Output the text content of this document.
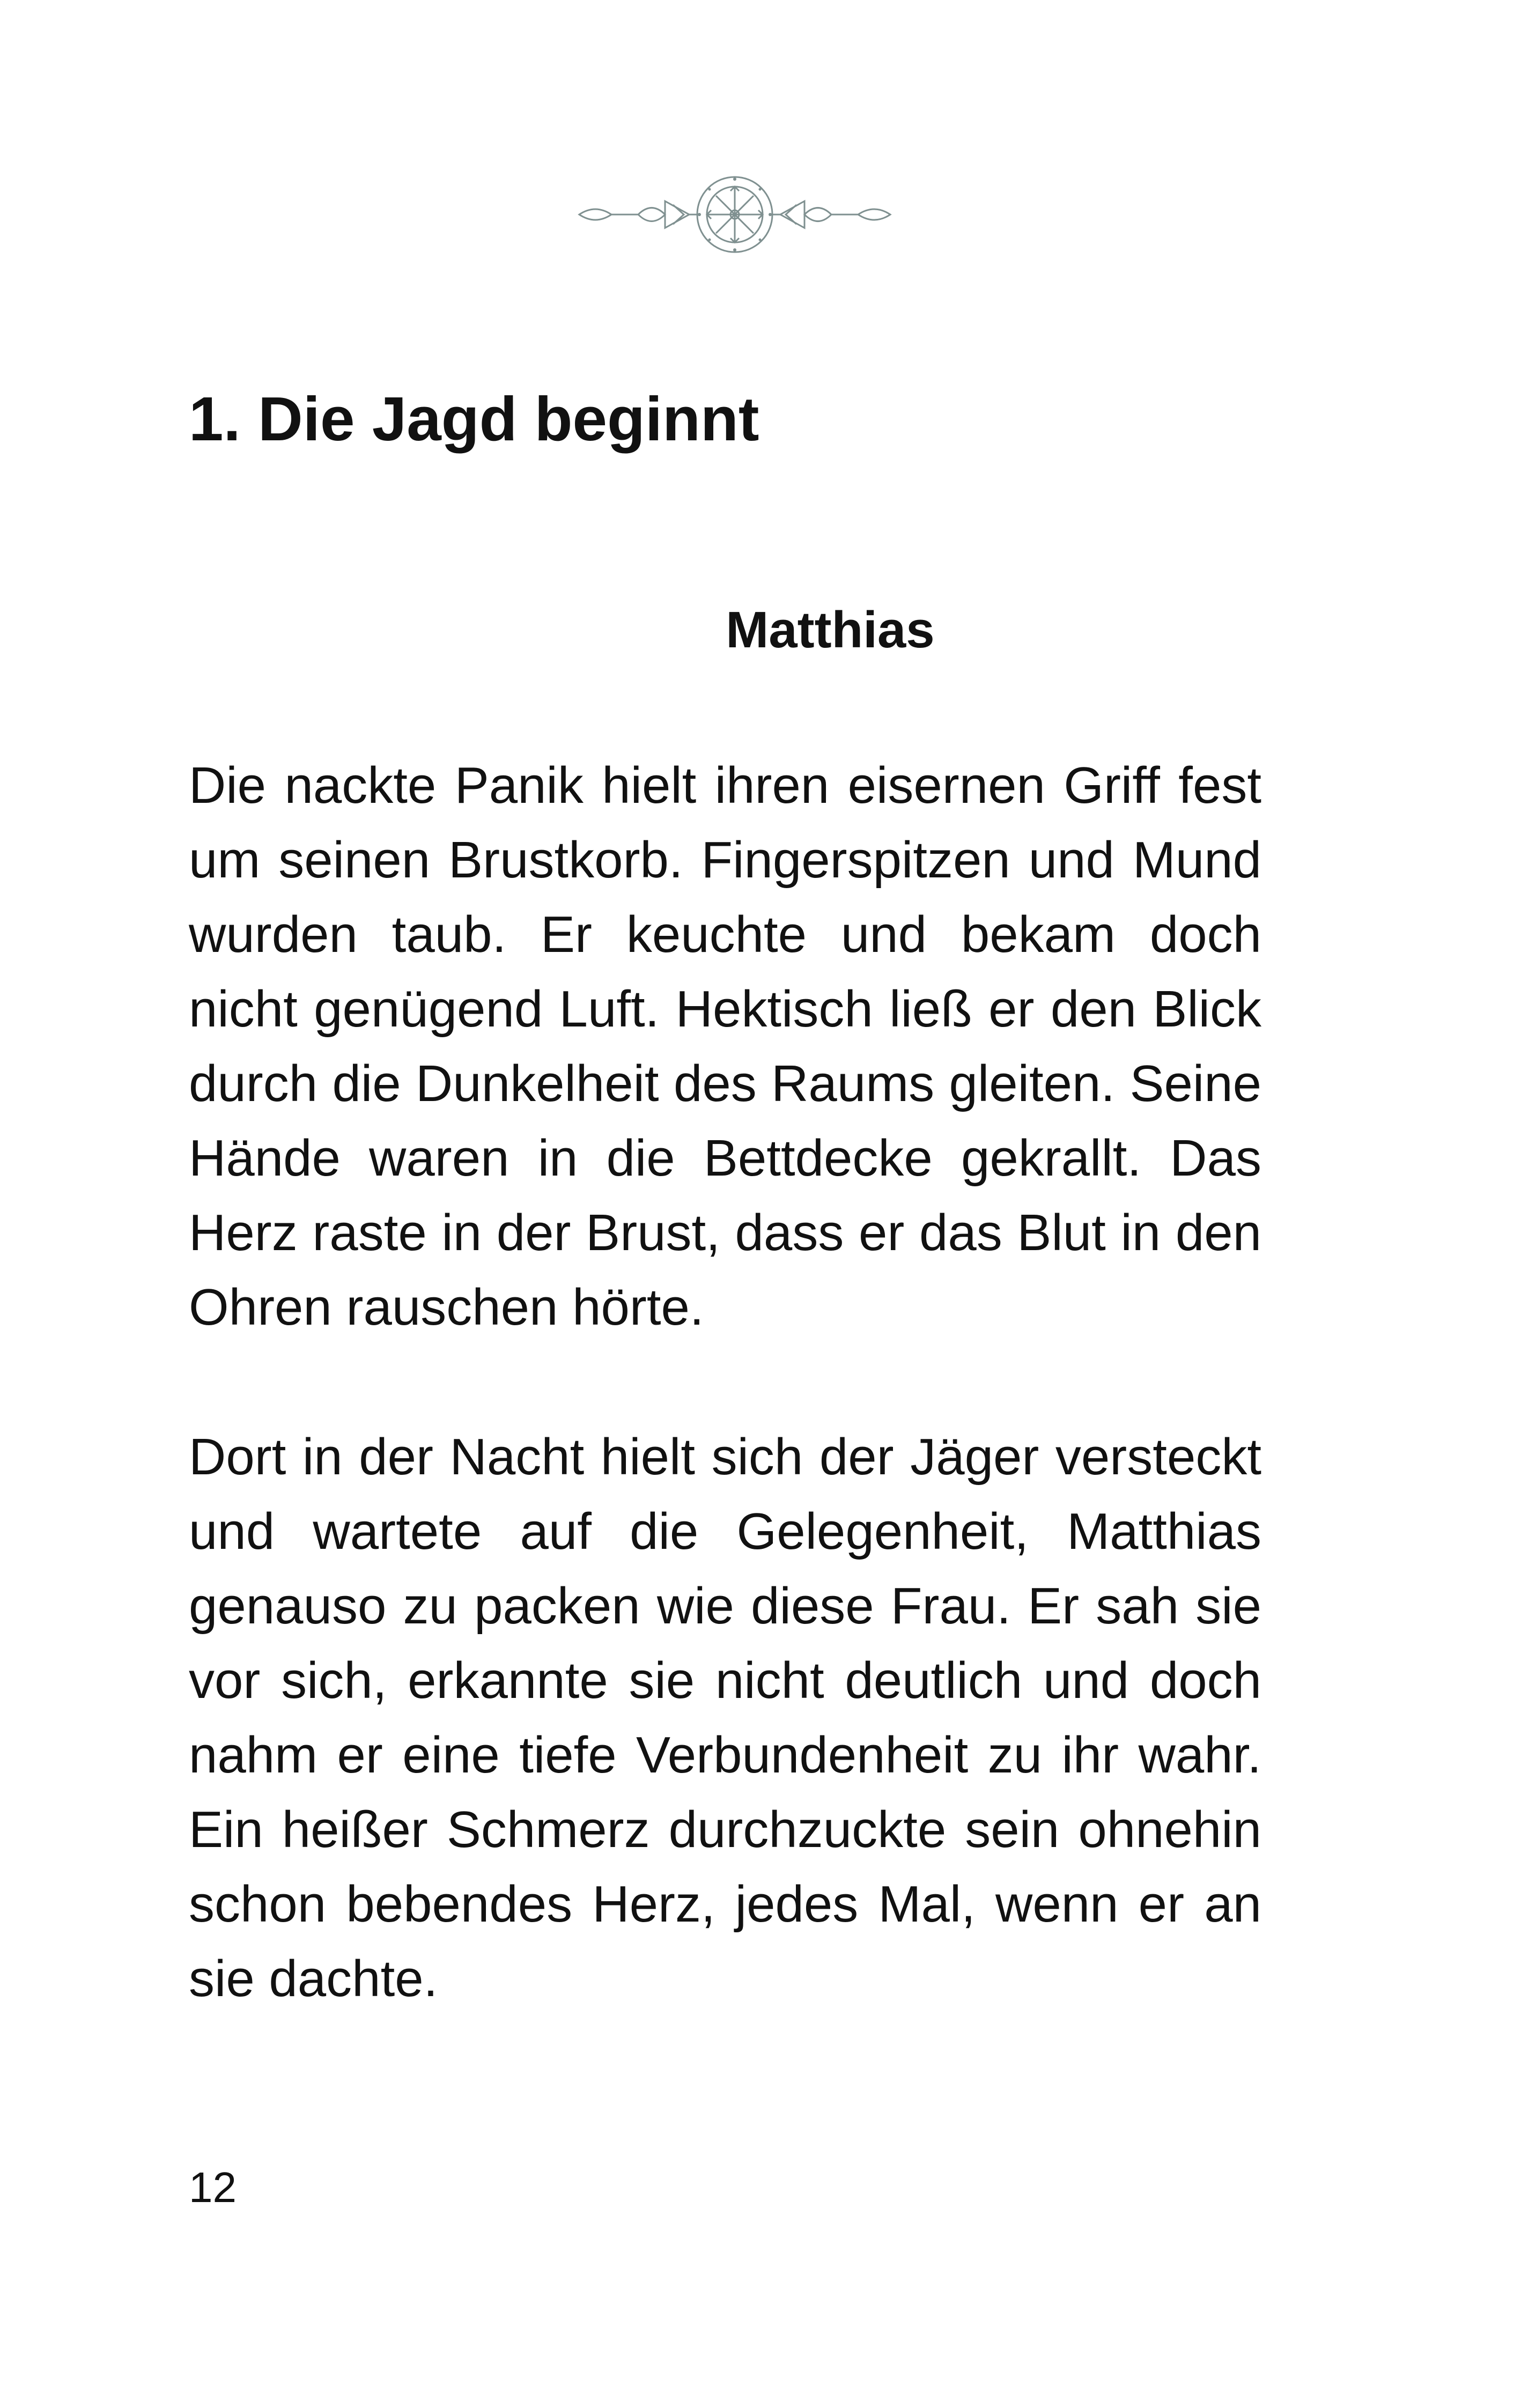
1. Die Jagd beginnt
Matthias

Die nackte Panik hielt ihren eisernen Griff fest um seinen Brustkorb. Fingerspitzen und Mund wurden taub. Er keuchte und bekam doch nicht genügend Luft. Hektisch ließ er den Blick durch die Dunkelheit des Raums gleiten. Seine Hände waren in die Bettdecke gekrallt. Das Herz raste in der Brust, dass er das Blut in den Ohren rauschen hörte.

Dort in der Nacht hielt sich der Jäger versteckt und wartete auf die Gelegenheit, Matthias genauso zu packen wie diese Frau. Er sah sie vor sich, erkannte sie nicht deutlich und doch nahm er eine tiefe Verbundenheit zu ihr wahr. Ein heißer Schmerz durchzuckte sein ohnehin schon bebendes Herz, jedes Mal, wenn er an sie dachte.

12
